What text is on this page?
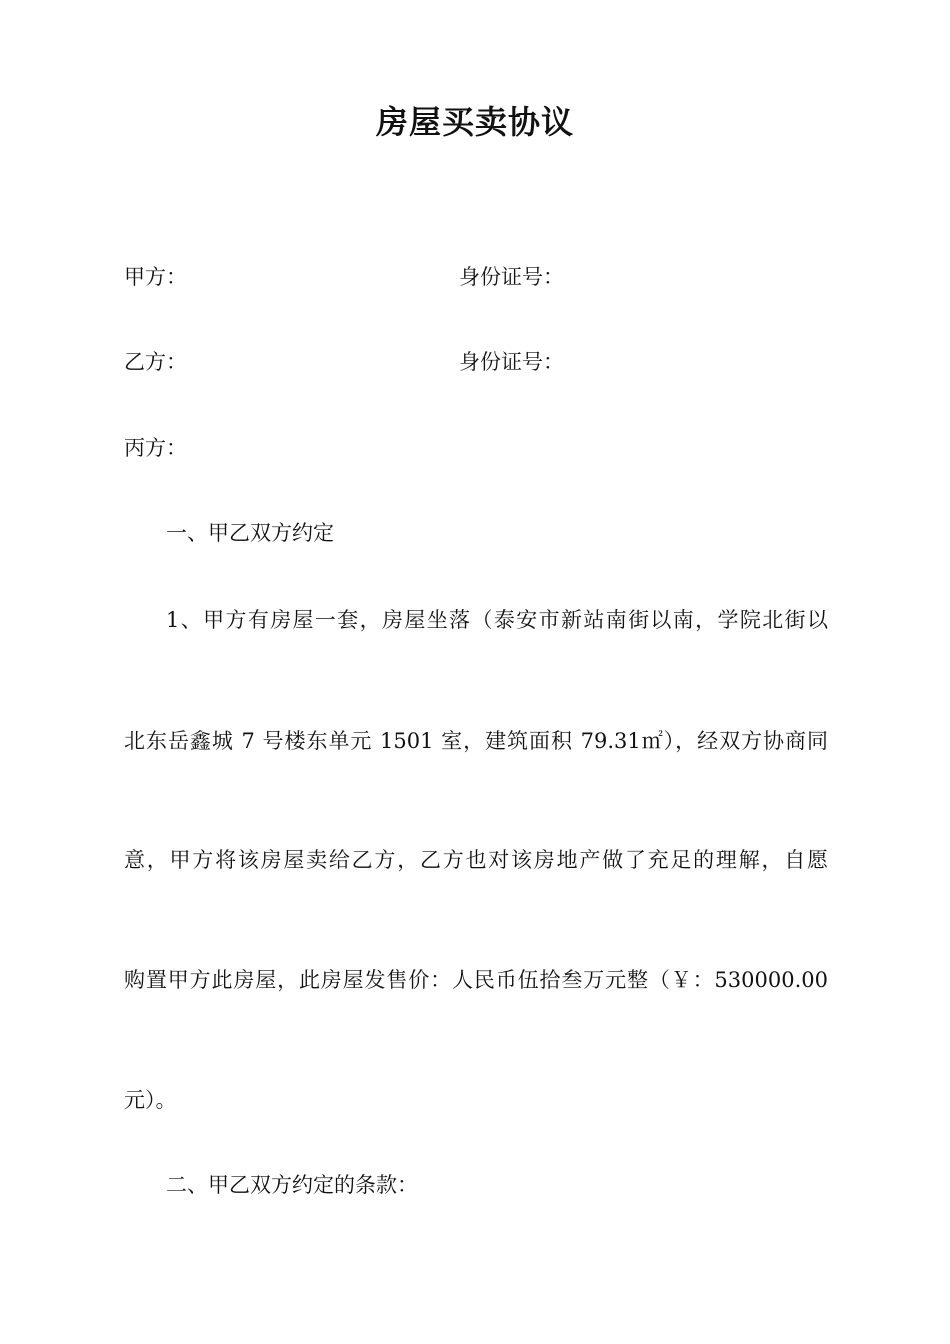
房屋买卖协议
甲方：	身份证号：
乙方：	身份证号：
丙方：
一、甲乙双方约定
1、甲方有房屋一套，房屋坐落（泰安市新站南街以南，学院北街以
北东岳鑫城 7 号楼东单元 1501 室，建筑面积 79.31㎡），经双方协商同
意，甲方将该房屋卖给乙方，乙方也对该房地产做了充足的理解，自愿
购置甲方此房屋，此房屋发售价：人民币伍拾叁万元整（￥：530000.00
元）。
二、甲乙双方约定的条款：
